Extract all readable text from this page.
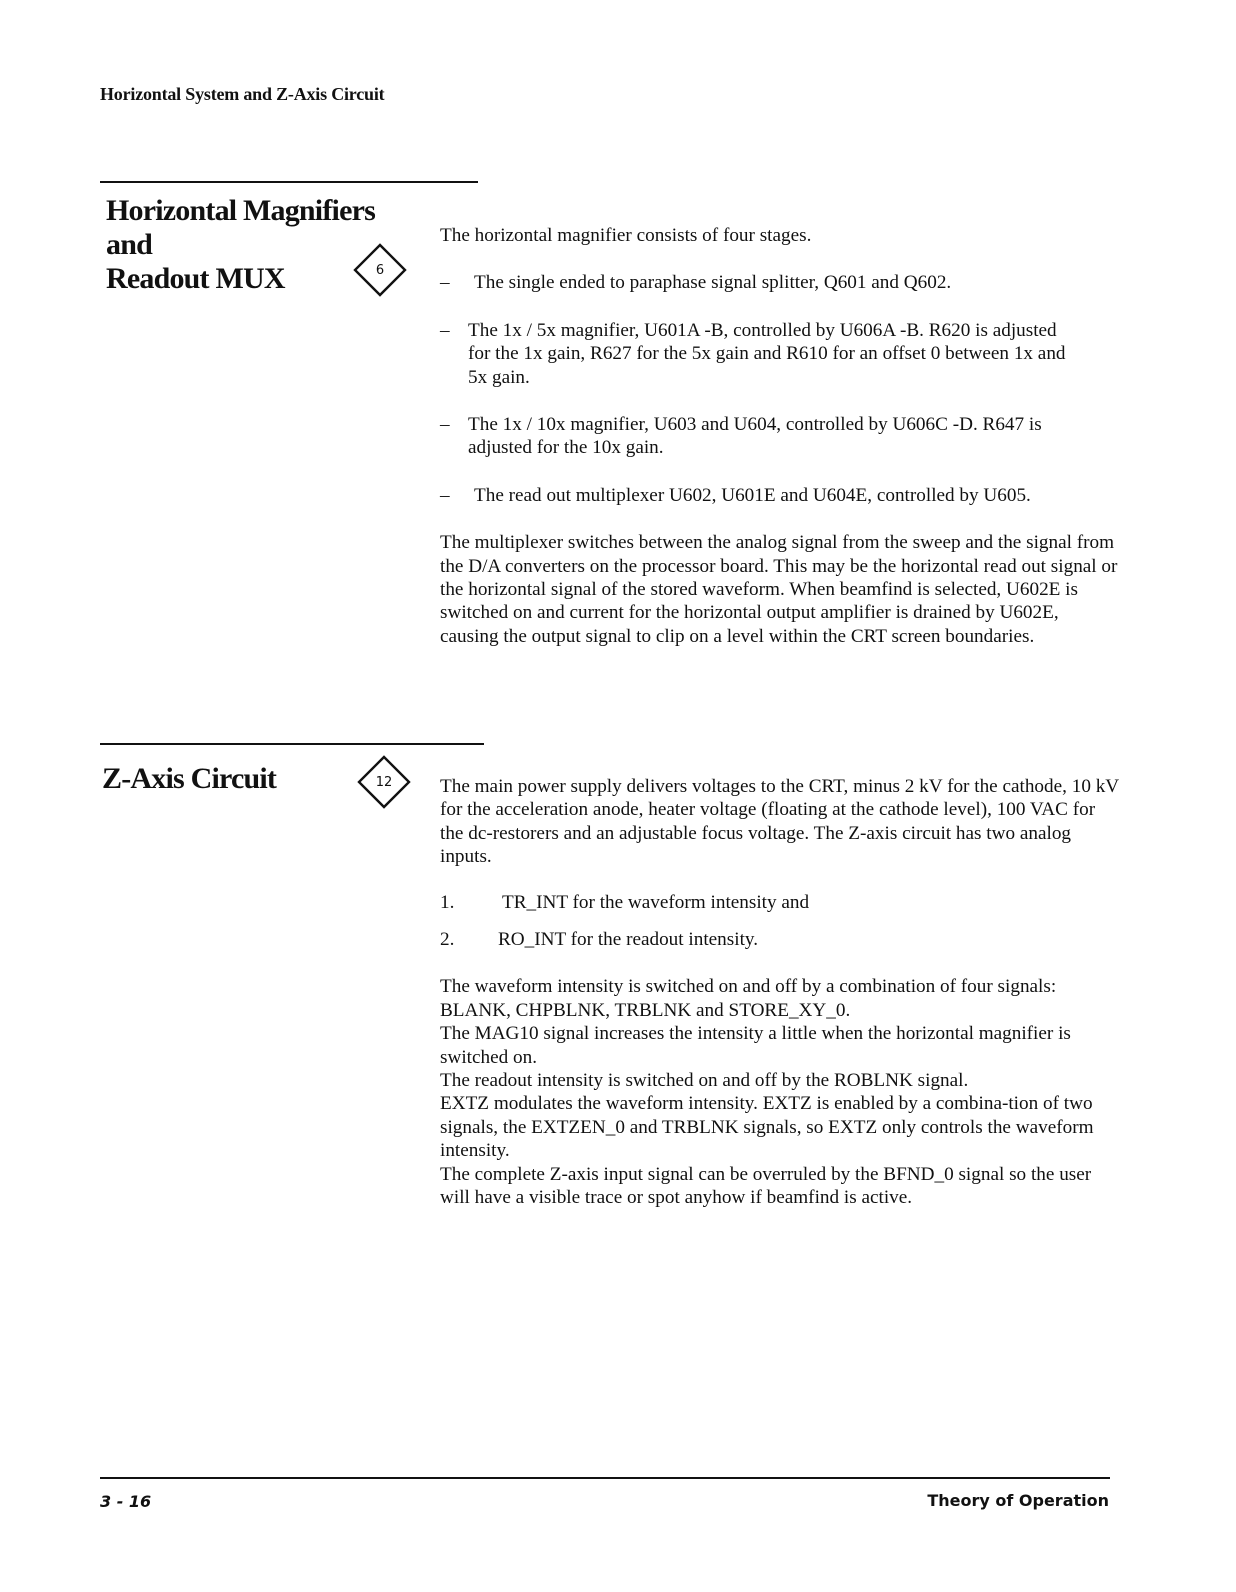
Horizontal System and Z-Axis Circuit
Horizontal Magnifiers
and
Readout MUX	6

The horizontal magnifier consists of four stages.

– The single ended to paraphase signal splitter, Q601 and Q602.
– The 1x / 5x magnifier, U601A -B, controlled by U606A -B. R620 is adjusted for the 1x gain, R627 for the 5x gain and R610 for an offset 0 between 1x and 5x gain.
– The 1x / 10x magnifier, U603 and U604, controlled by U606C -D. R647 is adjusted for the 10x gain.
– The read out multiplexer U602, U601E and U604E, controlled by U605.

The multiplexer switches between the analog signal from the sweep and the signal from the D/A converters on the processor board. This may be the horizontal read out signal or the horizontal signal of the stored waveform. When beamfind is selected, U602E is switched on and current for the horizontal output amplifier is drained by U602E, causing the output signal to clip on a level within the CRT screen boundaries.

Z-Axis Circuit	12 The main power supply delivers voltages to the CRT, minus 2 kV for the cathode, 10 kV for the acceleration anode, heater voltage (floating at the cathode level), 100 VAC for the dc-restorers and an adjustable focus voltage. The Z-axis circuit has two analog inputs.

1. TR_INT for the waveform intensity and
2. RO_INT for the readout intensity.

The waveform intensity is switched on and off by a combination of four signals: BLANK, CHPBLNK, TRBLNK and STORE_XY_0.

The MAG10 signal increases the intensity a little when the horizontal magnifier is switched on.

The readout intensity is switched on and off by the ROBLNK signal.

EXTZ modulates the waveform intensity. EXTZ is enabled by a combina-tion of two signals, the EXTZEN_0 and TRBLNK signals, so EXTZ only controls the waveform intensity.

The complete Z-axis input signal can be overruled by the BFND_0 signal so the user will have a visible trace or spot anyhow if beamfind is active.

3 - 16	Theory of Operation
